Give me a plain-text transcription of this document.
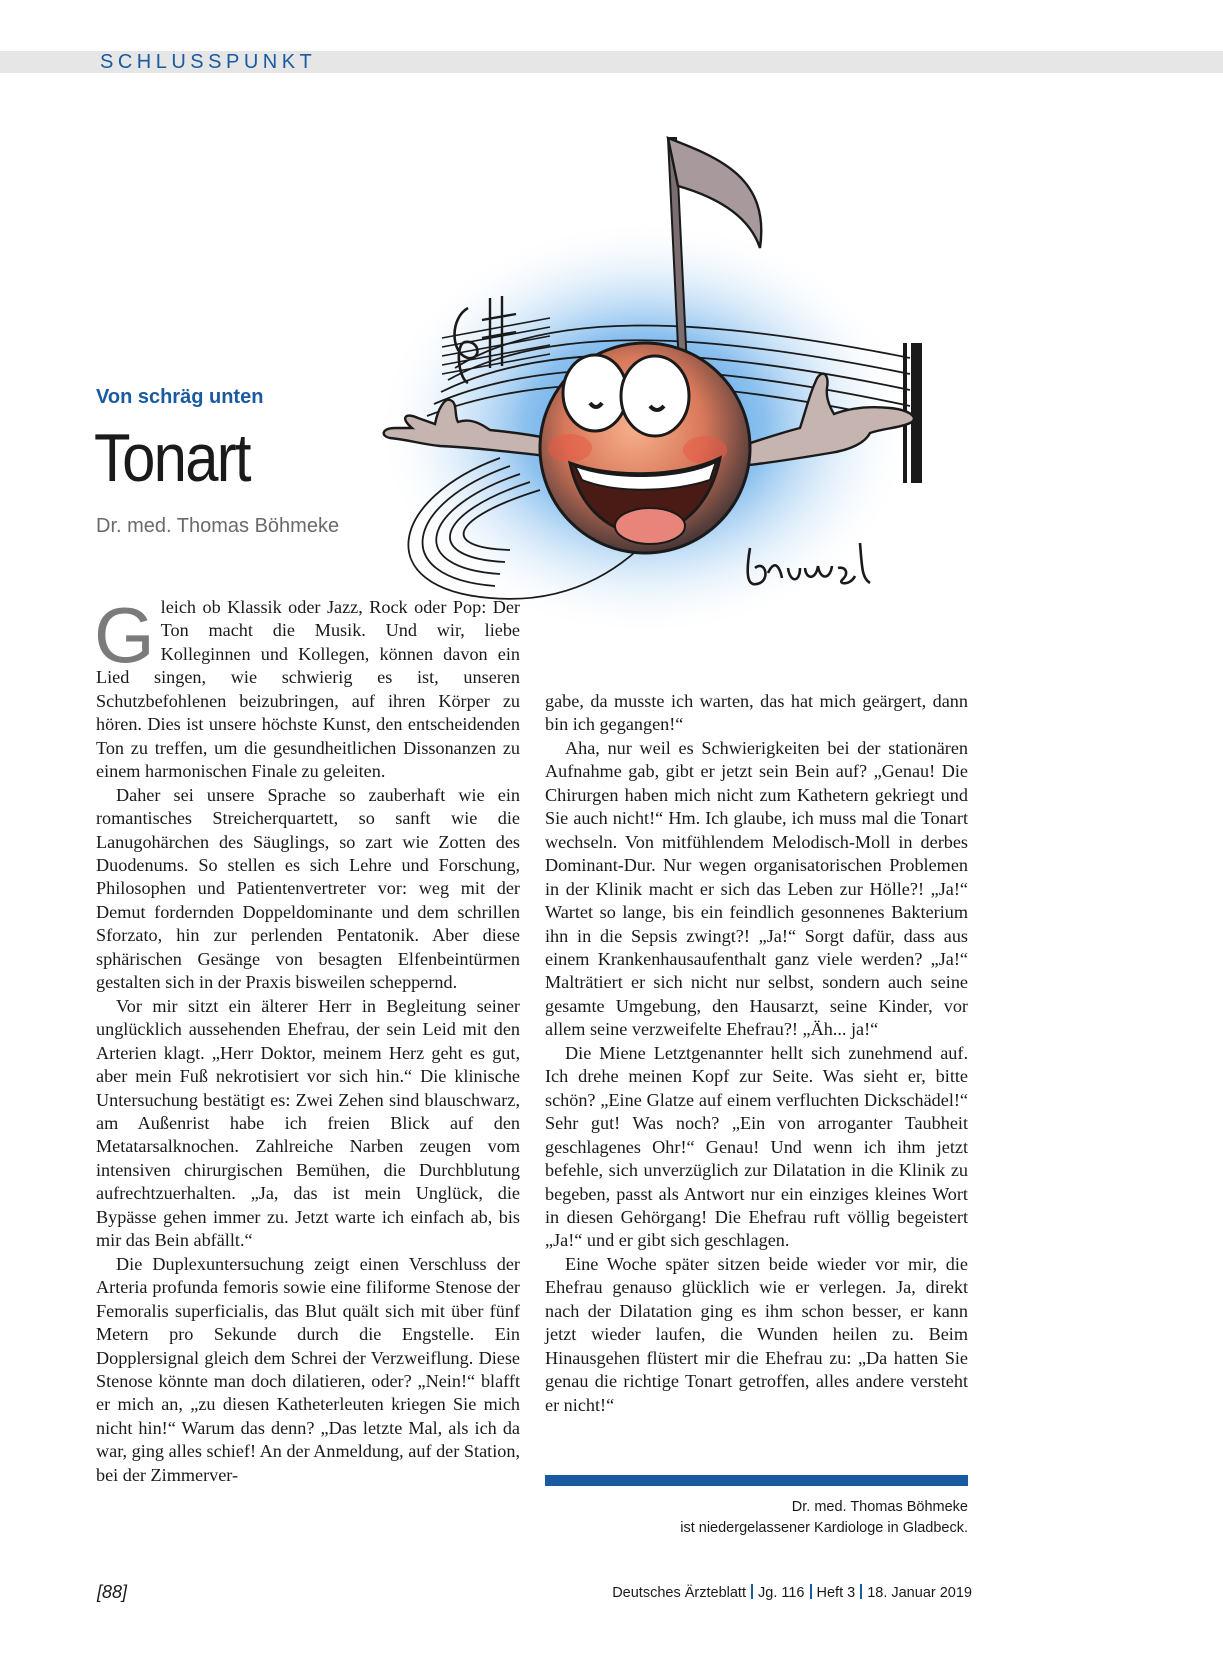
SCHLUSSPUNKT
Von schräg unten
Tonart
Dr. med. Thomas Böhmeke

Gleich ob Klassik oder Jazz, Rock oder Pop: Der Ton macht die Musik. Und wir, liebe Kolleginnen und Kollegen, können davon ein Lied singen, wie schwierig es ist, unseren Schutzbefohlenen beizubringen, auf ihren Körper zu hören. Dies ist unsere höchste Kunst, den entscheidenden Ton zu treffen, um die gesundheitlichen Dissonanzen zu einem harmonischen Finale zu geleiten.

Daher sei unsere Sprache so zauberhaft wie ein romantisches Streicherquartett, so sanft wie die Lanugohärchen des Säuglings, so zart wie Zotten des Duodenums. So stellen es sich Lehre und Forschung, Philosophen und Patientenvertreter vor: weg mit der Demut fordernden Doppeldominante und dem schrillen Sforzato, hin zur perlenden Pentatonik. Aber diese sphärischen Gesänge von besagten Elfenbeintürmen gestalten sich in der Praxis bisweilen scheppernd.

Vor mir sitzt ein älterer Herr in Begleitung seiner unglücklich aussehenden Ehefrau, der sein Leid mit den Arterien klagt. „Herr Doktor, meinem Herz geht es gut, aber mein Fuß nekrotisiert vor sich hin.“ Die klinische Untersuchung bestätigt es: Zwei Zehen sind blauschwarz, am Außenrist habe ich freien Blick auf den Metatarsalknochen. Zahlreiche Narben zeugen vom intensiven chirurgischen Bemühen, die Durchblutung aufrechtzuerhalten. „Ja, das ist mein Unglück, die Bypässe gehen immer zu. Jetzt warte ich einfach ab, bis mir das Bein abfällt.“

Die Duplexuntersuchung zeigt einen Verschluss der Arteria profunda femoris sowie eine filiforme Stenose der Femoralis superficialis, das Blut quält sich mit über fünf Metern pro Sekunde durch die Engstelle. Ein Dopplersignal gleich dem Schrei der Verzweiflung. Diese Stenose könnte man doch dilatieren, oder? „Nein!“ blafft er mich an, „zu diesen Katheterleuten kriegen Sie mich nicht hin!“ Warum das denn? „Das letzte Mal, als ich da war, ging alles schief! An der Anmeldung, auf der Station, bei der Zimmerver-

gabe, da musste ich warten, das hat mich geärgert, dann bin ich gegangen!“

Aha, nur weil es Schwierigkeiten bei der stationären Aufnahme gab, gibt er jetzt sein Bein auf? „Genau! Die Chirurgen haben mich nicht zum Kathetern gekriegt und Sie auch nicht!“ Hm. Ich glaube, ich muss mal die Tonart wechseln. Von mitfühlendem Melodisch-Moll in derbes Dominant-Dur. Nur wegen organisatorischen Problemen in der Klinik macht er sich das Leben zur Hölle?! „Ja!“ Wartet so lange, bis ein feindlich gesonnenes Bakterium ihn in die Sepsis zwingt?! „Ja!“ Sorgt dafür, dass aus einem Krankenhausaufenthalt ganz viele werden? „Ja!“ Malträtiert er sich nicht nur selbst, sondern auch seine gesamte Umgebung, den Hausarzt, seine Kinder, vor allem seine verzweifelte Ehefrau?! „Äh... ja!“

Die Miene Letztgenannter hellt sich zunehmend auf. Ich drehe meinen Kopf zur Seite. Was sieht er, bitte schön? „Eine Glatze auf einem verfluchten Dickschädel!“ Sehr gut! Was noch? „Ein von arroganter Taubheit geschlagenes Ohr!“ Genau! Und wenn ich ihm jetzt befehle, sich unverzüglich zur Dilatation in die Klinik zu begeben, passt als Antwort nur ein einziges kleines Wort in diesen Gehörgang! Die Ehefrau ruft völlig begeistert „Ja!“ und er gibt sich geschlagen.

Eine Woche später sitzen beide wieder vor mir, die Ehefrau genauso glücklich wie er verlegen. Ja, direkt nach der Dilatation ging es ihm schon besser, er kann jetzt wieder laufen, die Wunden heilen zu. Beim Hinausgehen flüstert mir die Ehefrau zu: „Da hatten Sie genau die richtige Tonart getroffen, alles andere versteht er nicht!“

Dr. med. Thomas Böhmeke
ist niedergelassener Kardiologe in Gladbeck.
[88]	Deutsches Ärzteblatt Jg. 116 Heft 3 18. Januar 2019
